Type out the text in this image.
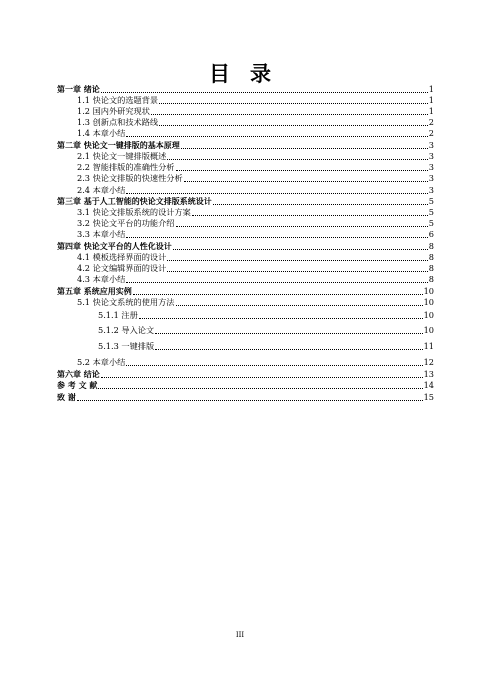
目 录
第一章 绪论	1
1.1 快论文的选题背景	1
1.2 国内外研究现状	1
1.3 创新点和技术路线	2
1.4 本章小结	2
第二章 快论文一键排版的基本原理	3
2.1 快论文一键排版概述	3
2.2 智能排版的准确性分析	3
2.3 快论文排版的快速性分析	3
2.4 本章小结	3
第三章 基于人工智能的快论文排版系统设计	5
3.1 快论文排版系统的设计方案	5
3.2 快论文平台的功能介绍	5
3.3 本章小结	6
第四章 快论文平台的人性化设计	8
4.1 模板选择界面的设计	8
4.2 论文编辑界面的设计	8
4.3 本章小结	8
第五章 系统应用实例	10
5.1 快论文系统的使用方法	10
5.1.1 注册	10
5.1.2 导入论文	10
5.1.3 一键排版	11
5.2 本章小结	12
第六章 结论	13
参 考 文 献	14
致 谢	15
III
